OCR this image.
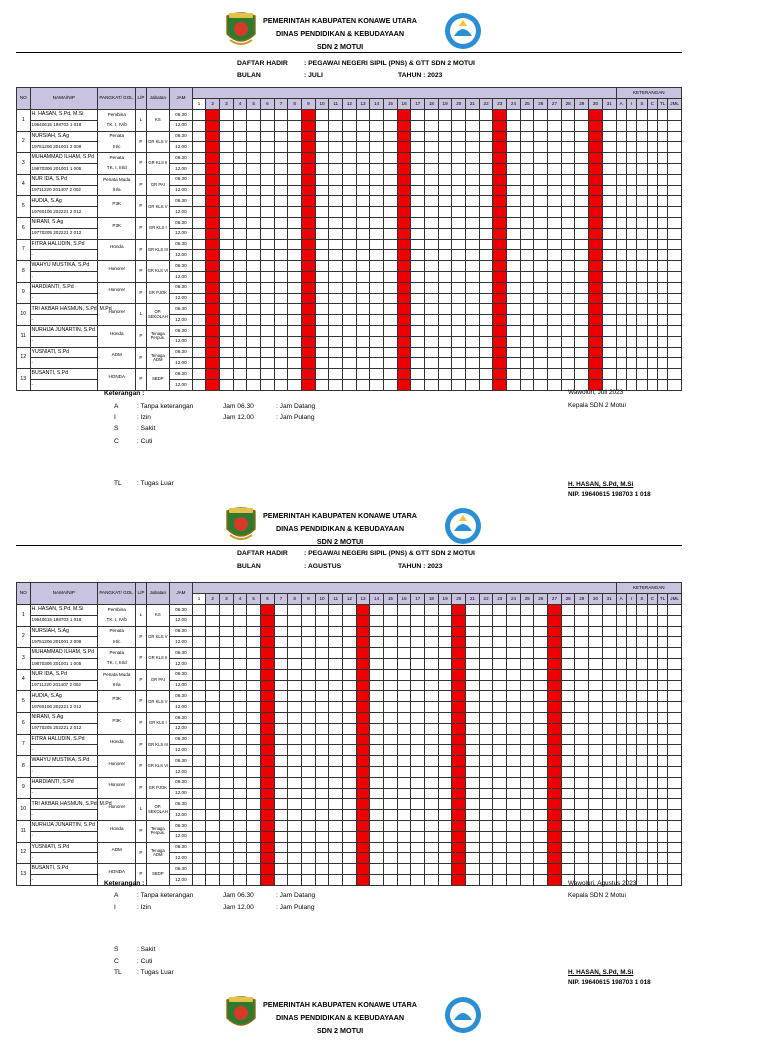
PEMERINTAH KABUPATEN KONAWE UTARA
DINAS PENDIDIKAN & KEBUDAYAAN
SDN 2 MOTUI
DAFTAR HADIR : PEGAWAI NEGERI SIPIL (PNS) & GTT SDN 2 MOTUI
BULAN	: JULI	TAHUN : 2023
NO	NAMA/NIP	PANGKAT/ GOL.	L/P	Jabatan	JAM																																KETERANGAN					
						1	2	3	4	5	6	7	8	9	10	11	12	13	14	15	16	17	18	19	20	21	22	23	24	25	26	27	28	29	30	31	A	I	S	C	TL	JML
1	H. HASAN, S.Pd, M.Si	Pembina	L	KS	06.30																																					
	19640615 198703 1 018	TK. I, IV/b			12.00																																					
2	NURSIAH, S.Ag	Penata	P	GR KLS V	06.30																																					
	19751206 201001 2 009	III/c			12.00																																					
3	MUHAMMAD ILHAM, S.Pd	Penata	P	GR KLS II	06.30																																					
	19870306 201001 1 005	TK. I, III/d			12.00																																					
4	NUR IDA, S.Pd	Penata Muda	P	GR PAI	06.30																																					
	19711220 201407 2 002	III/a			12.00																																					
5	HUDIA, S.Ag	P3K	P	GR KLS V	06.30																																					
	19760106 202221 2 012				12.00																																					
6	NIRANI, S.Ag	P3K	P	GR KLS I	06.30																																					
	19770205 202221 2 012				12.00																																					
7	FITRA HALUDIN, S.Pd	Honda	P	GR KLS III	06.30																																					
	-				12.00																																					
8	WAHYU MUSTIKA, S.Pd	Honorer	P	GR KLS VI	06.30																																					
	-				12.00																																					
9	HARDIANTI, S.Pd	Honorer	P	GR PJOK	06.30																																					
	-				12.00																																					
10	TRI AKBAR HASMUN, S.Pd, M.Pd	Honorer	L	OP. SEKOLAH	06.30																																					
	-				12.00																																					
11	NURHIJA JUNARTIN, S.Pd	Honda	P	Tenaga Perpus.	06.30																																					
	-				12.00																																					
12	YUSNIATI, S.Pd	ADM	P	Tenaga ADM	06.30																																					
	-				12.00																																					
13	BUSANTI, S.Pd	HONDA	P	SBDP	06.30																																					
	-				12.00																																					
Keterangan :
A	: Tanpa keterangan
I	: Izin
S	: Sakit
C	: Cuti
TL : Tugas Luar
Jam 06.30	: Jam Datang
Jam 12.00	: Jam Pulang
Wawoluri, Juli 2023
Kepala SDN 2 Motui
H. HASAN, S.Pd, M.Si
NIP. 19640615 198703 1 018
PEMERINTAH KABUPATEN KONAWE UTARA
DINAS PENDIDIKAN & KEBUDAYAAN
SDN 2 MOTUI
DAFTAR HADIR : PEGAWAI NEGERI SIPIL (PNS) & GTT SDN 2 MOTUI
BULAN	: AGUSTUS	TAHUN : 2023
NO	NAMA/NIP	PANGKAT/ GOL.	L/P	Jabatan	JAM																																KETERANGAN					
						1	2	3	4	5	6	7	8	9	10	11	12	13	14	15	16	17	18	19	20	21	22	23	24	25	26	27	28	29	30	31	A	I	S	C	TL	JML
1	H. HASAN, S.Pd, M.Si	Pembina	L	KS	06.30																																					
	19640615 198703 1 018	TK. I, IV/b			12.00																																					
2	NURSIAH, S.Ag	Penata	P	GR KLS V	06.30																																					
	19751206 201001 2 009	III/c			12.00																																					
3	MUHAMMAD ILHAM, S.Pd	Penata	P	GR KLS II	06.30																																					
	19870306 201001 1 005	TK. I, III/d			12.00																																					
4	NUR IDA, S.Pd	Penata Muda	P	GR PAI	06.30																																					
	19711220 201407 2 002	III/a			12.00																																					
5	HUDIA, S.Ag	P3K	P	GR KLS V	06.30																																					
	19760106 202221 2 012				12.00																																					
6	NIRANI, S.Ag	P3K	P	GR KLS I	06.30																																					
	19770205 202221 2 012				12.00																																					
7	FITRA HALUDIN, S.Pd	Honda	P	GR KLS III	06.30																																					
	-				12.00																																					
8	WAHYU MUSTIKA, S.Pd	Honorer	P	GR KLS VI	06.30																																					
	-				12.00																																					
9	HARDIANTI, S.Pd	Honorer	P	GR PJOK	06.30																																					
	-				12.00																																					
10	TRI AKBAR HASMUN, S.Pd, M.Pd	Honorer	L	OP. SEKOLAH	06.30																																					
	-				12.00																																					
11	NURHIJA JUNARTIN, S.Pd	Honda	P	Tenaga Perpus.	06.30																																					
	-				12.00																																					
12	YUSNIATI, S.Pd	ADM	P	Tenaga ADM	06.30																																					
	-				12.00																																					
13	BUSANTI, S.Pd	HONDA	P	SBDP	06.30																																					
	-				12.00																																					
Keterangan :
A	: Tanpa keterangan
I	: Izin
S	: Sakit
C	: Cuti
TL : Tugas Luar
Jam 06.30	: Jam Datang
Jam 12.00	: Jam Pulang
Wawoluri, Agustus 2023
Kepala SDN 2 Motui
H. HASAN, S.Pd, M.Si
NIP. 19640615 198703 1 018
PEMERINTAH KABUPATEN KONAWE UTARA
DINAS PENDIDIKAN & KEBUDAYAAN
SDN 2 MOTUI
